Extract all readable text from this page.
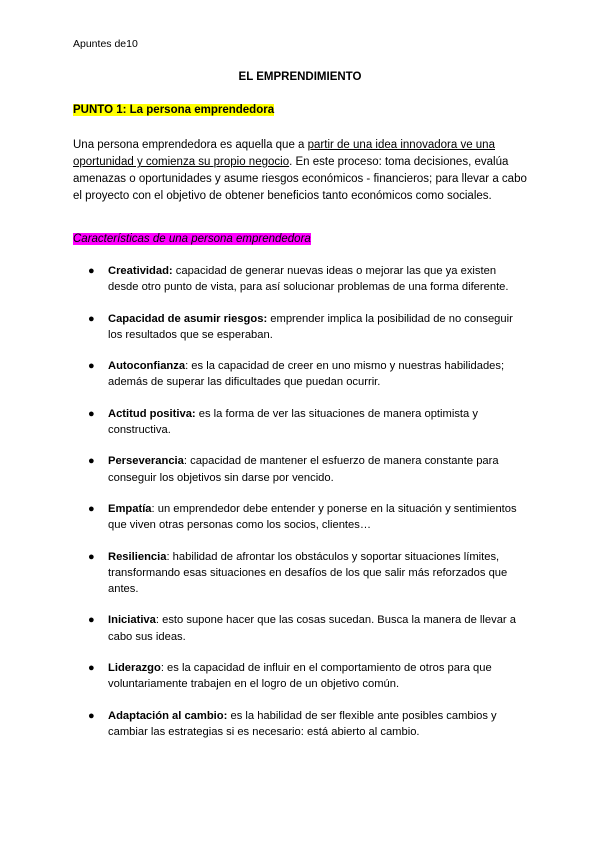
Apuntes de10
EL EMPRENDIMIENTO
PUNTO 1: La persona emprendedora
Una persona emprendedora es aquella que a partir de una idea innovadora ve una oportunidad y comienza su propio negocio. En este proceso: toma decisiones, evalúa amenazas o oportunidades y asume riesgos económicos - financieros; para llevar a cabo el proyecto con el objetivo de obtener beneficios tanto económicos como sociales.
Características de una persona emprendedora
● Creatividad: capacidad de generar nuevas ideas o mejorar las que ya existen desde otro punto de vista, para así solucionar problemas de una forma diferente.
● Capacidad de asumir riesgos: emprender implica la posibilidad de no conseguir los resultados que se esperaban.
● Autoconfianza: es la capacidad de creer en uno mismo y nuestras habilidades; además de superar las dificultades que puedan ocurrir.
● Actitud positiva: es la forma de ver las situaciones de manera optimista y constructiva.
● Perseverancia: capacidad de mantener el esfuerzo de manera constante para conseguir los objetivos sin darse por vencido.
● Empatía: un emprendedor debe entender y ponerse en la situación y sentimientos que viven otras personas como los socios, clientes…
● Resiliencia: habilidad de afrontar los obstáculos y soportar situaciones límites, transformando esas situaciones en desafíos de los que salir más reforzados que antes.
● Iniciativa: esto supone hacer que las cosas sucedan. Busca la manera de llevar a cabo sus ideas.
● Liderazgo: es la capacidad de influir en el comportamiento de otros para que voluntariamente trabajen en el logro de un objetivo común.
● Adaptación al cambio: es la habilidad de ser flexible ante posibles cambios y cambiar las estrategias si es necesario: está abierto al cambio.
